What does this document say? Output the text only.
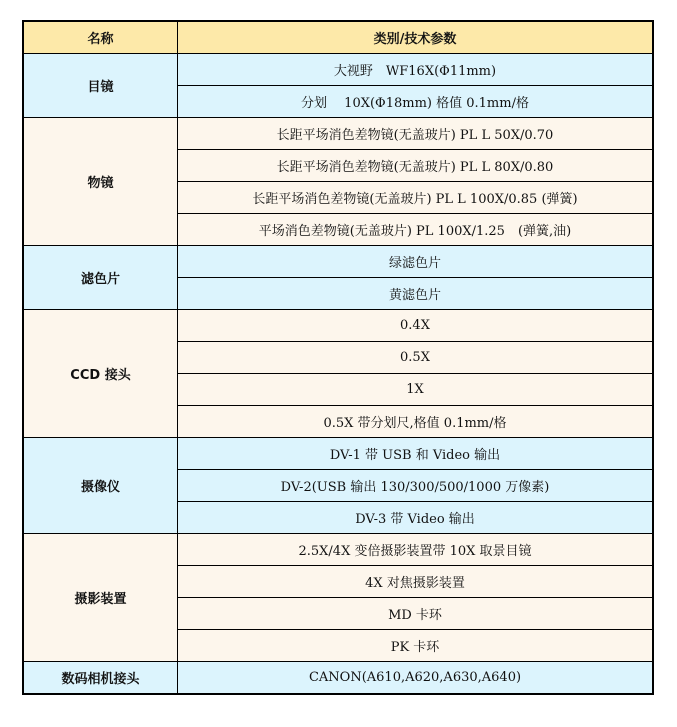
名称	类别/技术参数
目镜	大视野　WF16X(Φ11mm)
	分划　 10X(Φ18mm) 格值 0.1mm/格
物镜	长距平场消色差物镜(无盖玻片) PL L 50X/0.70
	长距平场消色差物镜(无盖玻片) PL L 80X/0.80
	长距平场消色差物镜(无盖玻片) PL L 100X/0.85 (弹簧)
	平场消色差物镜(无盖玻片) PL 100X/1.25　(弹簧,油)
滤色片	绿滤色片
	黄滤色片
CCD 接头	0.4X
	0.5X
	1X
	0.5X 带分划尺,格值 0.1mm/格
摄像仪	DV-1 带 USB 和 Video 输出
	DV-2(USB 输出 130/300/500/1000 万像素)
	DV-3 带 Video 输出
摄影装置	2.5X/4X 变倍摄影装置带 10X 取景目镜
	4X 对焦摄影装置
	MD 卡环
	PK 卡环
数码相机接头	CANON(A610,A620,A630,A640)
